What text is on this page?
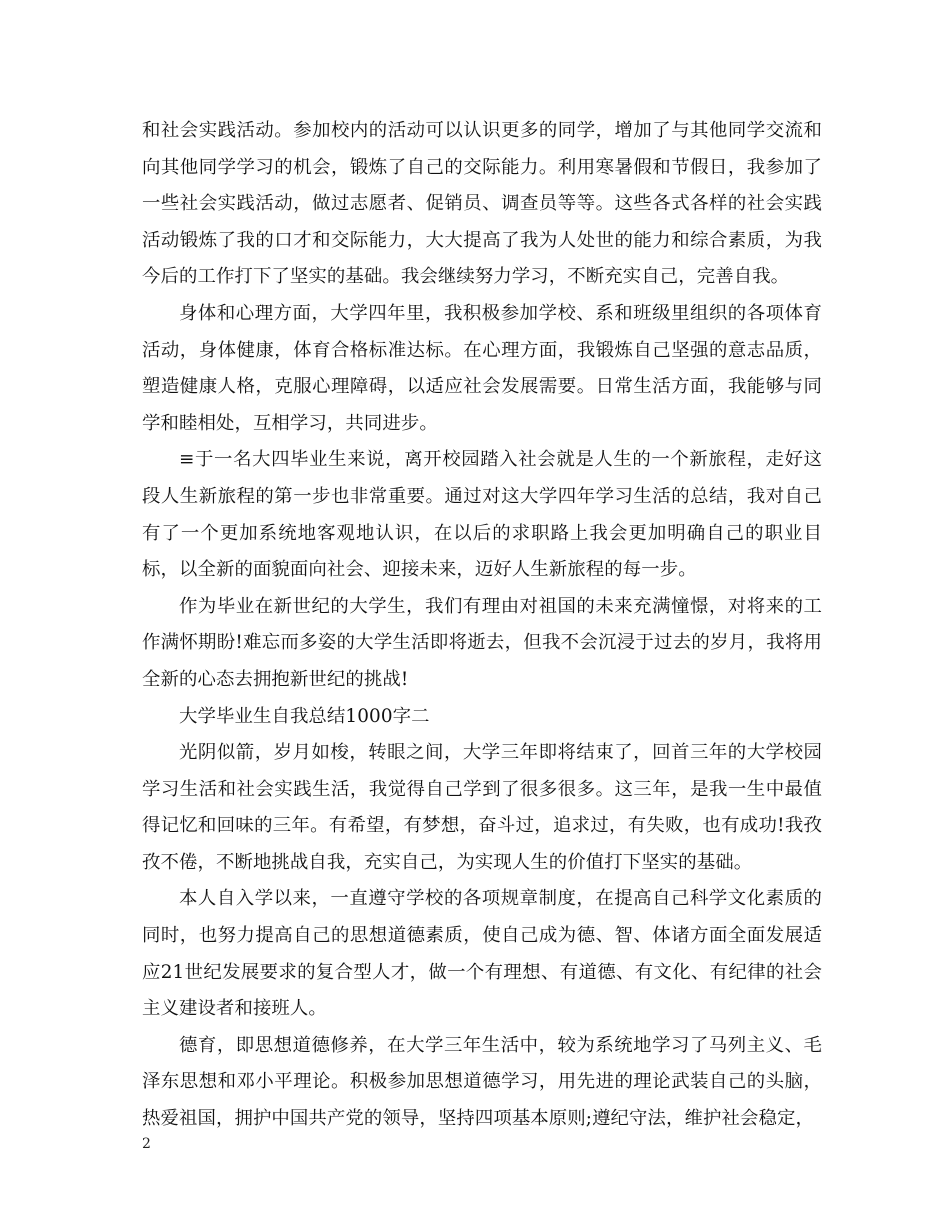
和社会实践活动。参加校内的活动可以认识更多的同学，增加了与其他同学交流和向其他同学学习的机会，锻炼了自己的交际能力。利用寒暑假和节假日，我参加了一些社会实践活动，做过志愿者、促销员、调查员等等。这些各式各样的社会实践活动锻炼了我的口才和交际能力，大大提高了我为人处世的能力和综合素质，为我今后的工作打下了坚实的基础。我会继续努力学习，不断充实自己，完善自我。

身体和心理方面，大学四年里，我积极参加学校、系和班级里组织的各项体育活动，身体健康，体育合格标准达标。在心理方面，我锻炼自己坚强的意志品质，塑造健康人格，克服心理障碍，以适应社会发展需要。日常生活方面，我能够与同学和睦相处，互相学习，共同进步。

≡于一名大四毕业生来说，离开校园踏入社会就是人生的一个新旅程，走好这段人生新旅程的第一步也非常重要。通过对这大学四年学习生活的总结，我对自己有了一个更加系统地客观地认识，在以后的求职路上我会更加明确自己的职业目标，以全新的面貌面向社会、迎接未来，迈好人生新旅程的每一步。

作为毕业在新世纪的大学生，我们有理由对祖国的未来充满憧憬，对将来的工作满怀期盼!难忘而多姿的大学生活即将逝去，但我不会沉浸于过去的岁月，我将用全新的心态去拥抱新世纪的挑战!

大学毕业生自我总结1000字二

光阴似箭，岁月如梭，转眼之间，大学三年即将结束了，回首三年的大学校园学习生活和社会实践生活，我觉得自己学到了很多很多。这三年，是我一生中最值得记忆和回味的三年。有希望，有梦想，奋斗过，追求过，有失败，也有成功!我孜孜不倦，不断地挑战自我，充实自己，为实现人生的价值打下坚实的基础。

本人自入学以来，一直遵守学校的各项规章制度，在提高自己科学文化素质的同时，也努力提高自己的思想道德素质，使自己成为德、智、体诸方面全面发展适应21世纪发展要求的复合型人才，做一个有理想、有道德、有文化、有纪律的社会主义建设者和接班人。

德育，即思想道德修养，在大学三年生活中，较为系统地学习了马列主义、毛泽东思想和邓小平理论。积极参加思想道德学习，用先进的理论武装自己的头脑，热爱祖国，拥护中国共产党的领导，坚持四项基本原则;遵纪守法，维护社会稳定，

2
